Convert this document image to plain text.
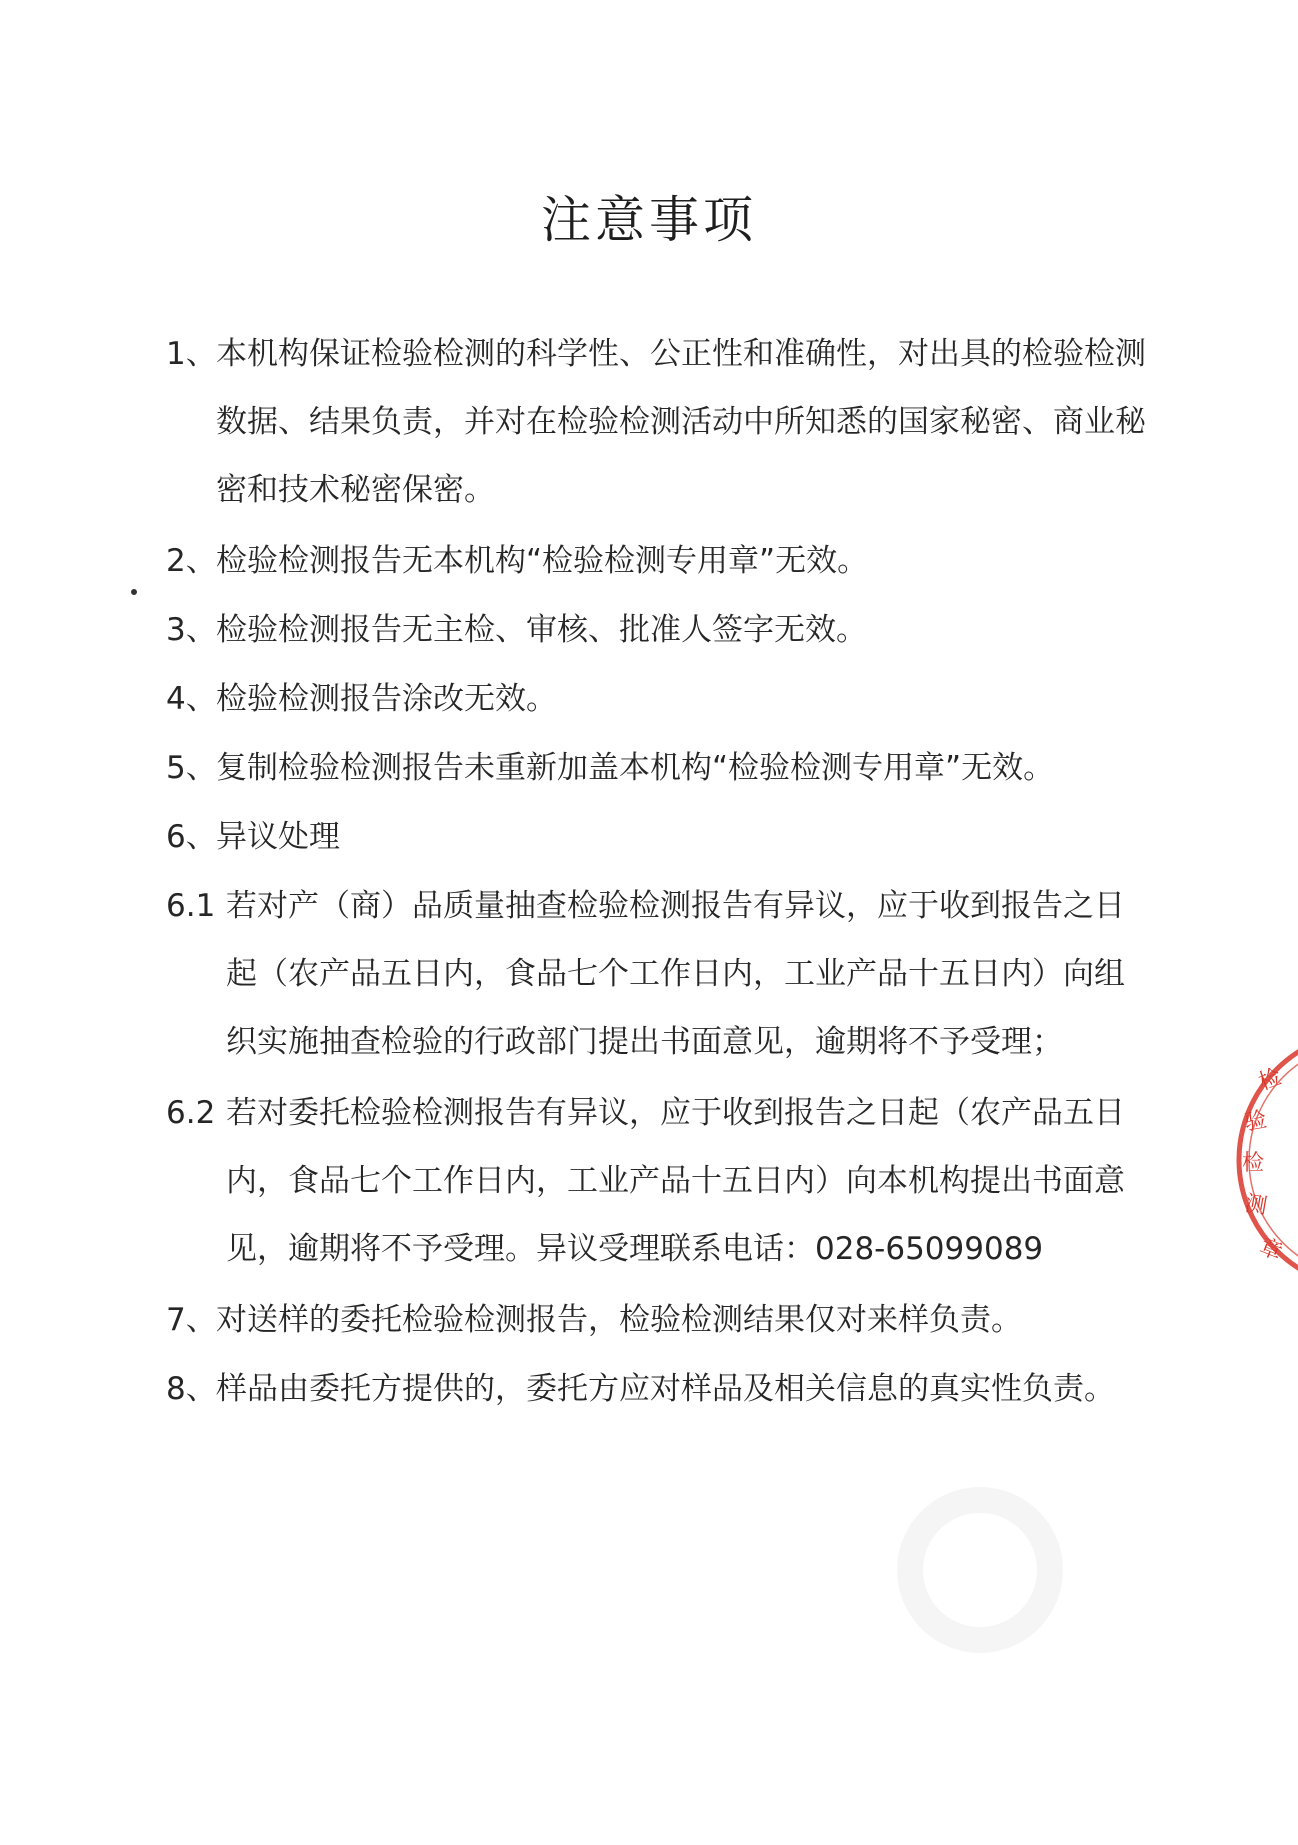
注意事项
1、 本机构保证检验检测的科学性、公正性和准确性，对出具的检验检测数据、结果负责，并对在检验检测活动中所知悉的国家秘密、商业秘密和技术秘密保密。
2、 检验检测报告无本机构“检验检测专用章”无效。
3、 检验检测报告无主检、审核、批准人签字无效。
4、 检验检测报告涂改无效。
5、 复制检验检测报告未重新加盖本机构“检验检测专用章”无效。
6、 异议处理
6.1 若对产（商）品质量抽查检验检测报告有异议，应于收到报告之日起（农产品五日内，食品七个工作日内，工业产品十五日内）向组织实施抽查检验的行政部门提出书面意见，逾期将不予受理；
6.2 若对委托检验检测报告有异议，应于收到报告之日起（农产品五日内，食品七个工作日内，工业产品十五日内）向本机构提出书面意见，逾期将不予受理。异议受理联系电话：028-65099089
7、 对送样的委托检验检测报告，检验检测结果仅对来样负责。
8、 样品由委托方提供的，委托方应对样品及相关信息的真实性负责。
检
验
检
测
章
